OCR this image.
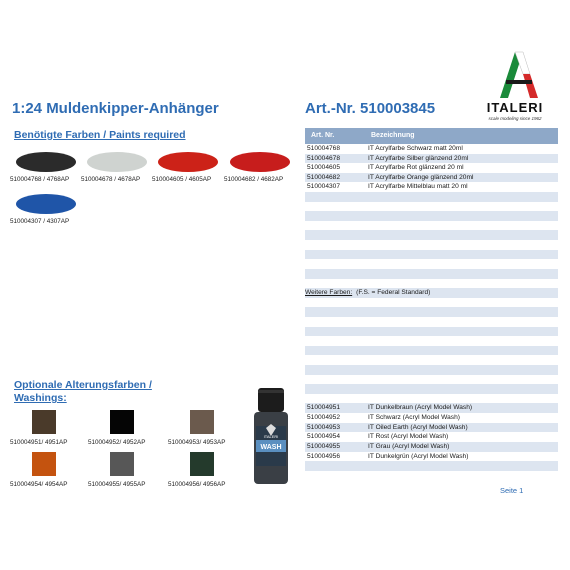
ITALERI
scale modeling since 1962
1:24 Muldenkipper-Anhänger	Art.-Nr. 510003845
Benötigte Farben / Paints required
510004768 / 4768AP	510004678 / 4678AP	510004605 / 4605AP	510004682 / 4682AP
510004307 / 4307AP
Optionale Alterungsfarben /
Washings:
510004951/ 4951AP	510004952/ 4952AP	510004953/ 4953AP
510004954/ 4954AP	510004955/ 4955AP	510004956/ 4956AP
ITALERI
WASH
Art. Nr.	Bezeichnung
510004768	IT Acrylfarbe Schwarz matt 20ml
510004678	IT Acrylfarbe Silber glänzend 20ml
510004605	IT Acrylfarbe Rot glänzend 20 ml
510004682	IT Acrylfarbe Orange glänzend 20ml
510004307	IT Acrylfarbe Mittelblau matt 20 ml
Weitere Farben: (F.S. = Federal Standard)
510004951	IT Dunkelbraun (Acryl Model Wash)
510004952	IT Schwarz (Acryl Model Wash)
510004953	IT Oiled Earth (Acryl Model Wash)
510004954	IT Rost (Acryl Model Wash)
510004955	IT Grau (Acryl Model Wash)
510004956	IT Dunkelgrün (Acryl Model Wash)
Seite 1
